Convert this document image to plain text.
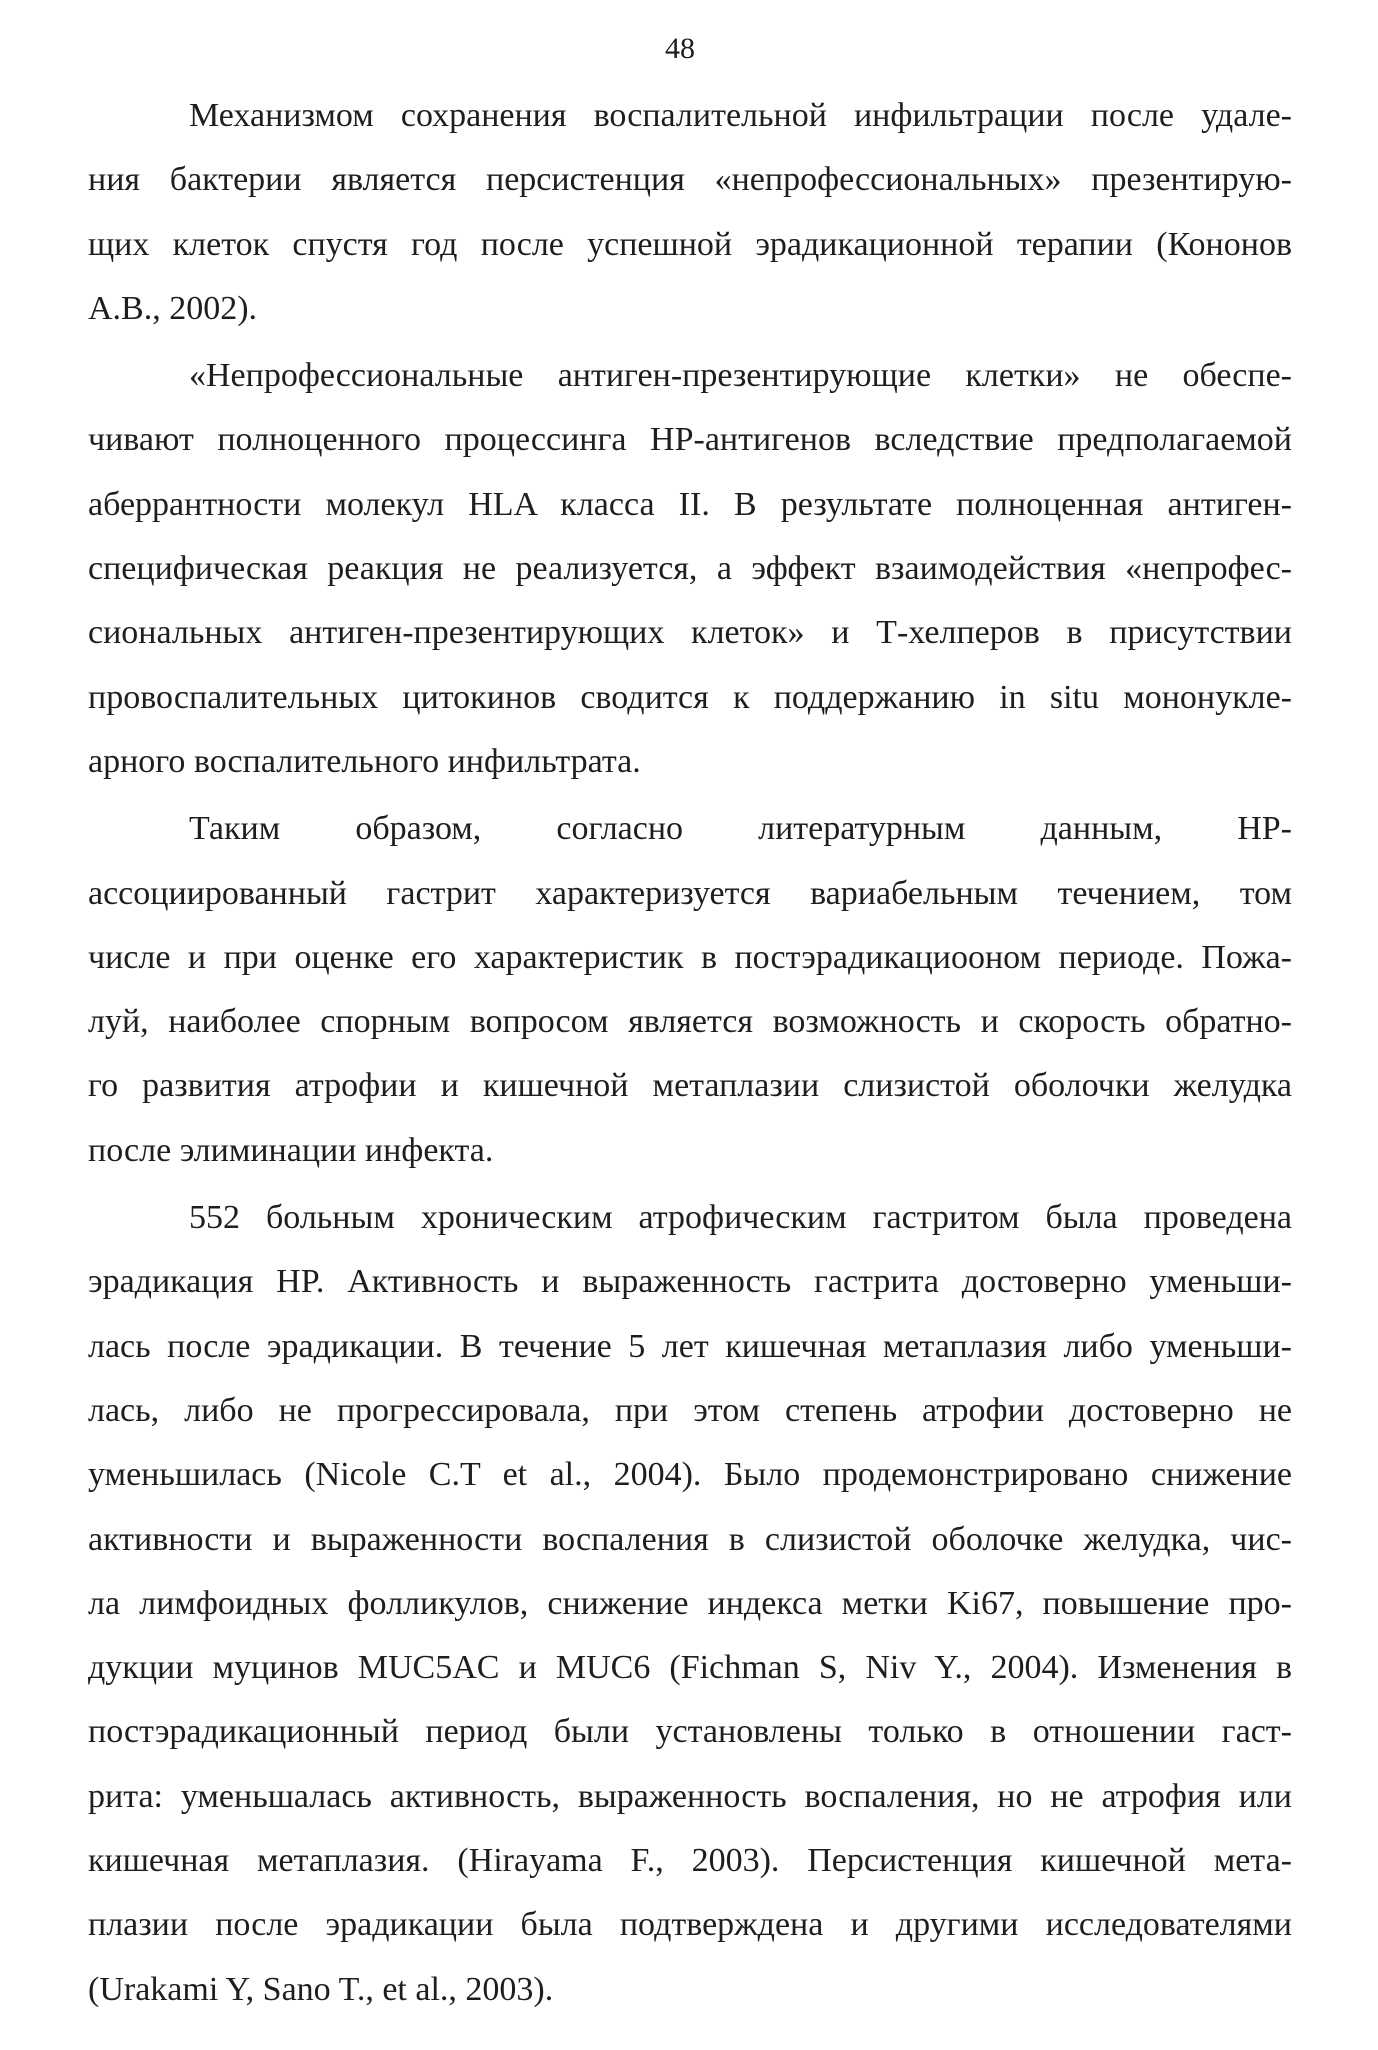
48
Механизмом сохранения воспалительной инфильтрации после удале-
ния бактерии является персистенция «непрофессиональных» презентирую-
щих клеток спустя год после успешной эрадикационной терапии (Кононов
А.В., 2002).
«Непрофессиональные антиген-презентирующие клетки» не обеспе-
чивают полноценного процессинга HP-антигенов вследствие предполагаемой
аберрантности молекул HLA класса II. В результате полноценная антиген-
специфическая реакция не реализуется, а эффект взаимодействия «непрофес-
сиональных антиген-презентирующих клеток» и Т-хелперов в присутствии
провоспалительных цитокинов сводится к поддержанию in situ мононукле-
арного воспалительного инфильтрата.
Таким образом, согласно литературным данным, HP-
ассоциированный гастрит характеризуется вариабельным течением, том
числе и при оценке его характеристик в постэрадикациооном периоде. Пожа-
луй, наиболее спорным вопросом является возможность и скорость обратно-
го развития атрофии и кишечной метаплазии слизистой оболочки желудка
после элиминации инфекта.
552 больным хроническим атрофическим гастритом была проведена
эрадикация HP. Активность и выраженность гастрита достоверно уменьши-
лась после эрадикации. В течение 5 лет кишечная метаплазия либо уменьши-
лась, либо не прогрессировала, при этом степень атрофии достоверно не
уменьшилась (Nicole C.T et al., 2004). Было продемонстрировано снижение
активности и выраженности воспаления в слизистой оболочке желудка, чис-
ла лимфоидных фолликулов, снижение индекса метки Ki67, повышение про-
дукции муцинов MUC5AC и MUC6 (Fichman S, Niv Y., 2004). Изменения в
постэрадикационный период были установлены только в отношении гаст-
рита: уменьшалась активность, выраженность воспаления, но не атрофия или
кишечная метаплазия. (Hirayama F., 2003). Персистенция кишечной мета-
плазии после эрадикации была подтверждена и другими исследователями
(Urakami Y, Sano T., et al., 2003).
